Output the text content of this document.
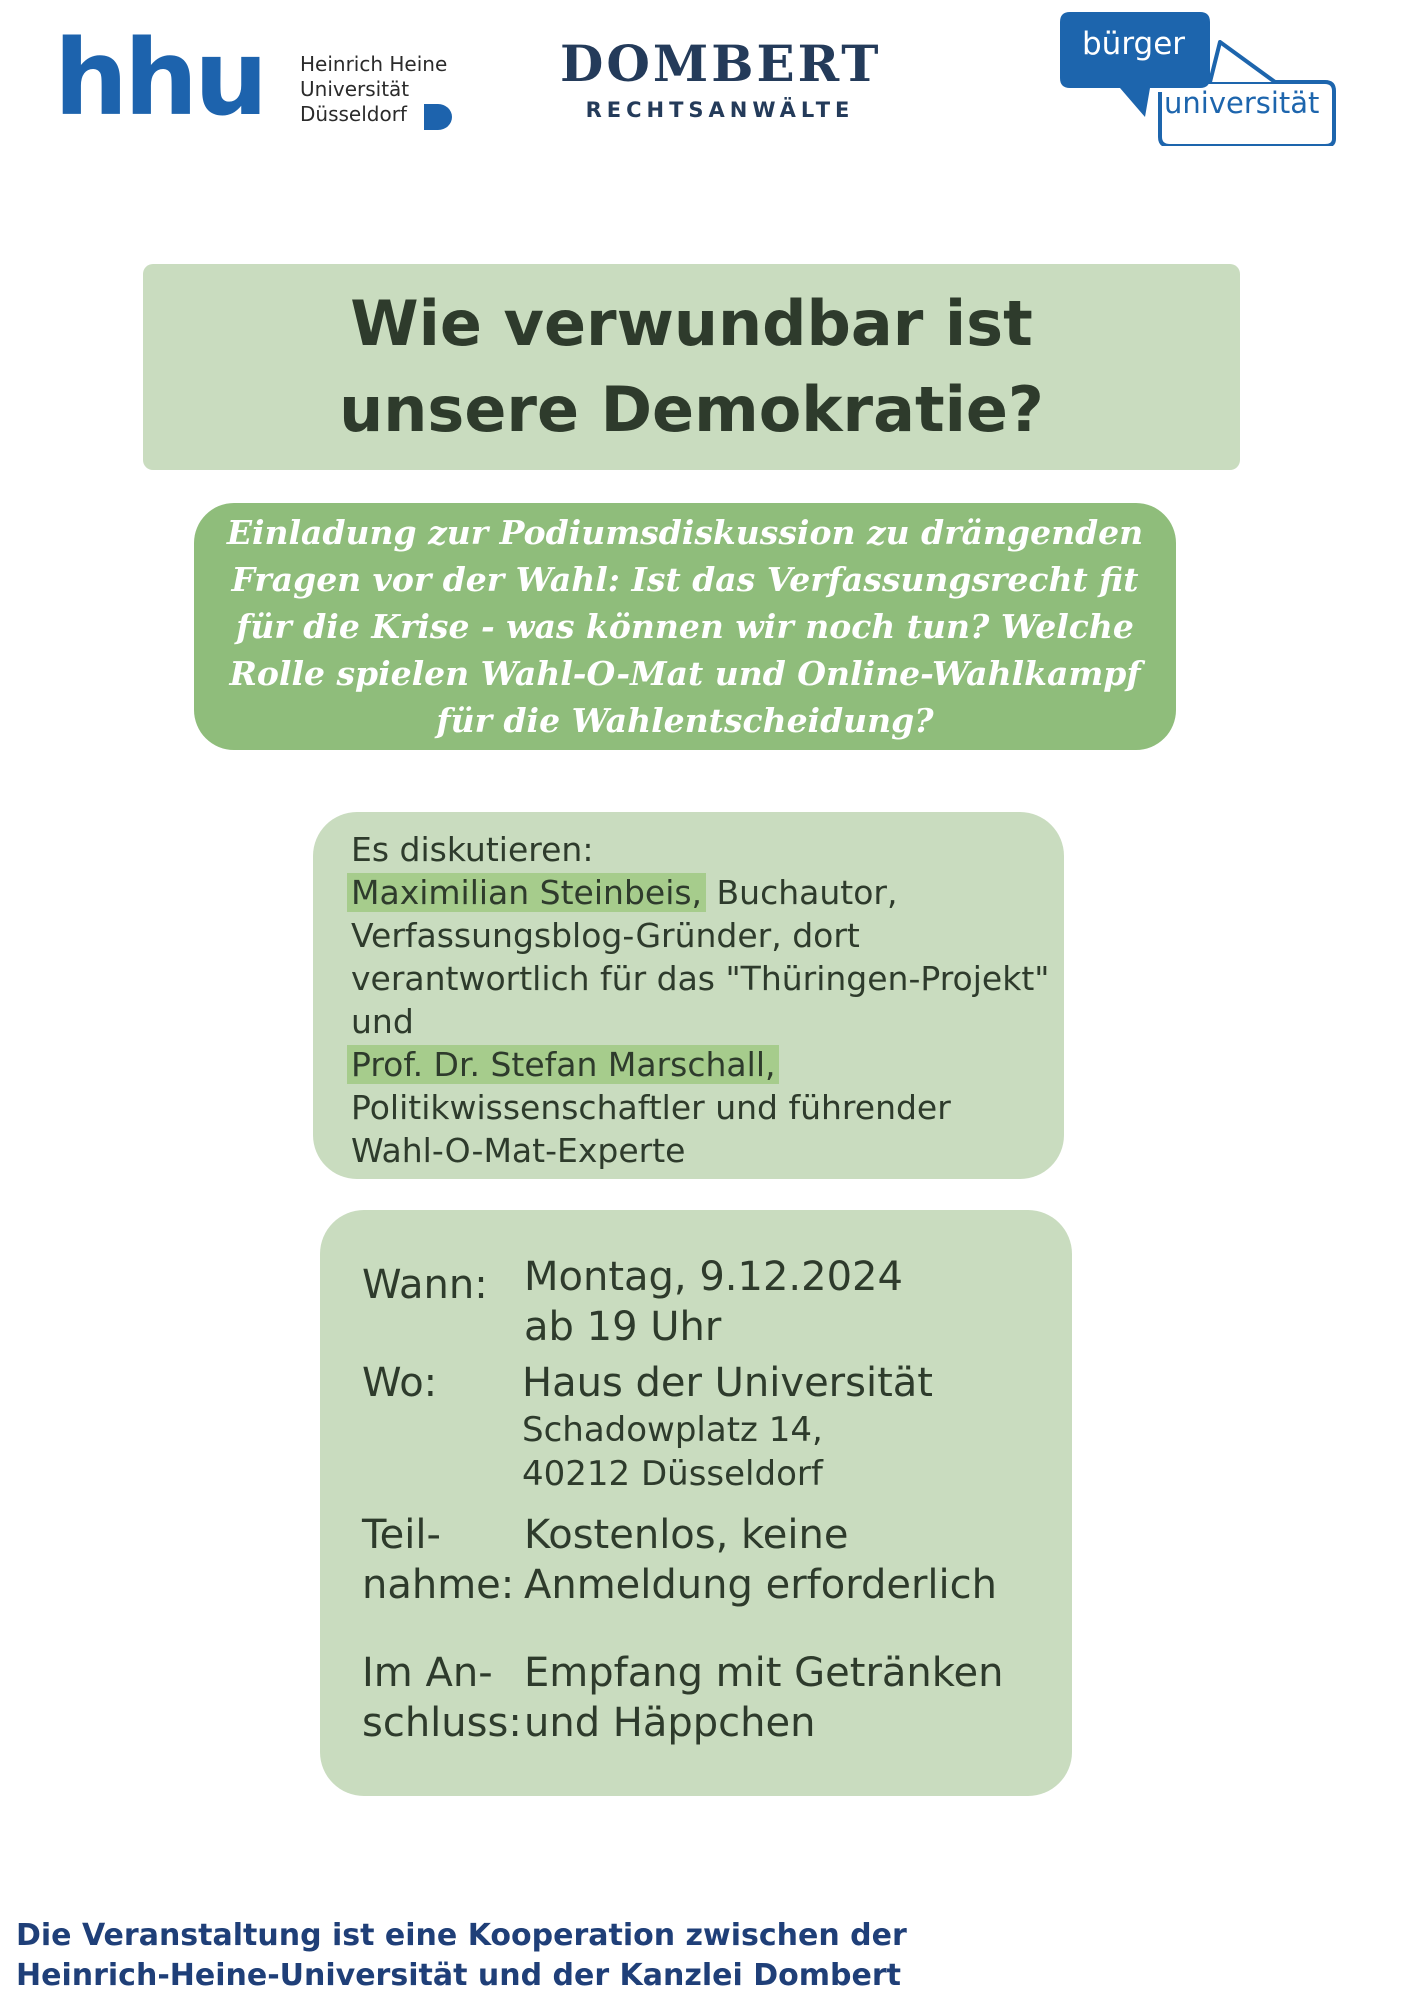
hhu Heinrich Heine
Universität
Düsseldorf
DOMBERT
RECHTSANWÄLTE
bürger
universität
Wie verwundbar ist
unsere Demokratie?

Einladung zur Podiumsdiskussion zu drängenden Fragen vor der Wahl: Ist das Verfassungsrecht fit für die Krise - was können wir noch tun? Welche Rolle spielen Wahl-O-Mat und Online-Wahlkampf für die Wahlentscheidung?

Es diskutieren:
Maximilian Steinbeis, Buchautor, Verfassungsblog-Gründer, dort verantwortlich für das "Thüringen-Projekt" und
Prof. Dr. Stefan Marschall, Politikwissenschaftler und führender Wahl-O-Mat-Experte
Wann: Montag, 9.12.2024
ab 19 Uhr
Wo:	Haus der Universität
Schadowplatz 14,
40212 Düsseldorf
Teil-
nahme:
Kostenlos, keine
Anmeldung erforderlich
Im An-
schluss:
Empfang mit Getränken
und Häppchen
Die Veranstaltung ist eine Kooperation zwischen der
Heinrich-Heine-Universität und der Kanzlei Dombert
